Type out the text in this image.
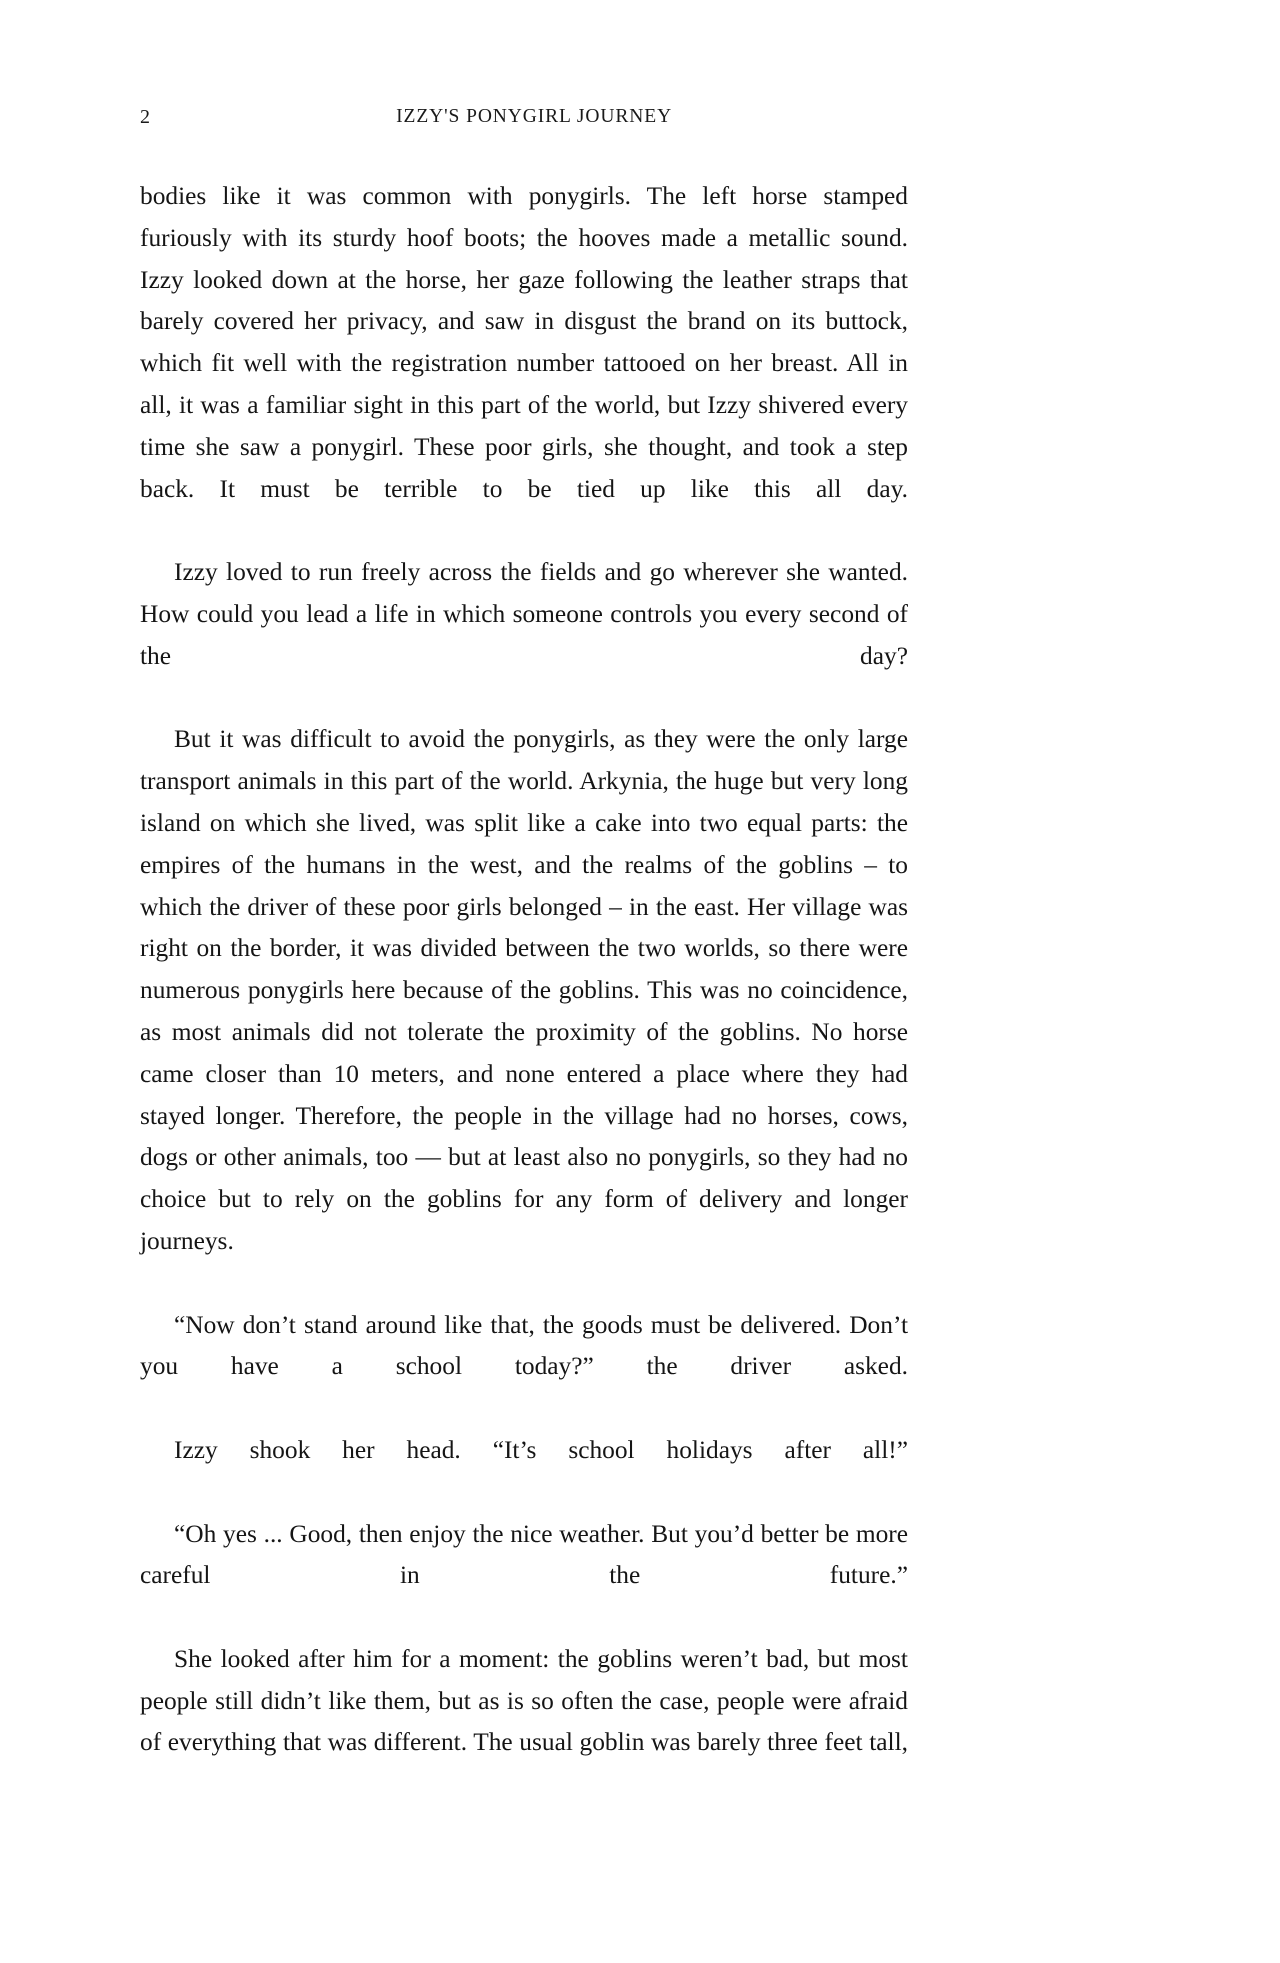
2	IZZY'S PONYGIRL JOURNEY

bodies like it was common with ponygirls. The left horse stamped furiously with its sturdy hoof boots; the hooves made a metallic sound. Izzy looked down at the horse, her gaze following the leather straps that barely covered her privacy, and saw in disgust the brand on its buttock, which fit well with the registration number tattooed on her breast. All in all, it was a familiar sight in this part of the world, but Izzy shivered every time she saw a ponygirl. These poor girls, she thought, and took a step back. It must be terrible to be tied up like this all day.

Izzy loved to run freely across the fields and go wherever she wanted. How could you lead a life in which someone controls you every second of the day?

But it was difficult to avoid the ponygirls, as they were the only large transport animals in this part of the world. Arkynia, the huge but very long island on which she lived, was split like a cake into two equal parts: the empires of the humans in the west, and the realms of the goblins – to which the driver of these poor girls belonged – in the east. Her village was right on the border, it was divided between the two worlds, so there were numerous ponygirls here because of the goblins. This was no coincidence, as most animals did not tolerate the proximity of the goblins. No horse came closer than 10 meters, and none entered a place where they had stayed longer. Therefore, the people in the village had no horses, cows, dogs or other animals, too — but at least also no ponygirls, so they had no choice but to rely on the goblins for any form of delivery and longer journeys.

“Now don’t stand around like that, the goods must be delivered. Don’t you have a school today?” the driver asked.

Izzy shook her head. “It’s school holidays after all!”

“Oh yes ... Good, then enjoy the nice weather. But you’d better be more careful in the future.”

She looked after him for a moment: the goblins weren’t bad, but most people still didn’t like them, but as is so often the case, people were afraid of everything that was different. The usual goblin was barely three feet tall,
